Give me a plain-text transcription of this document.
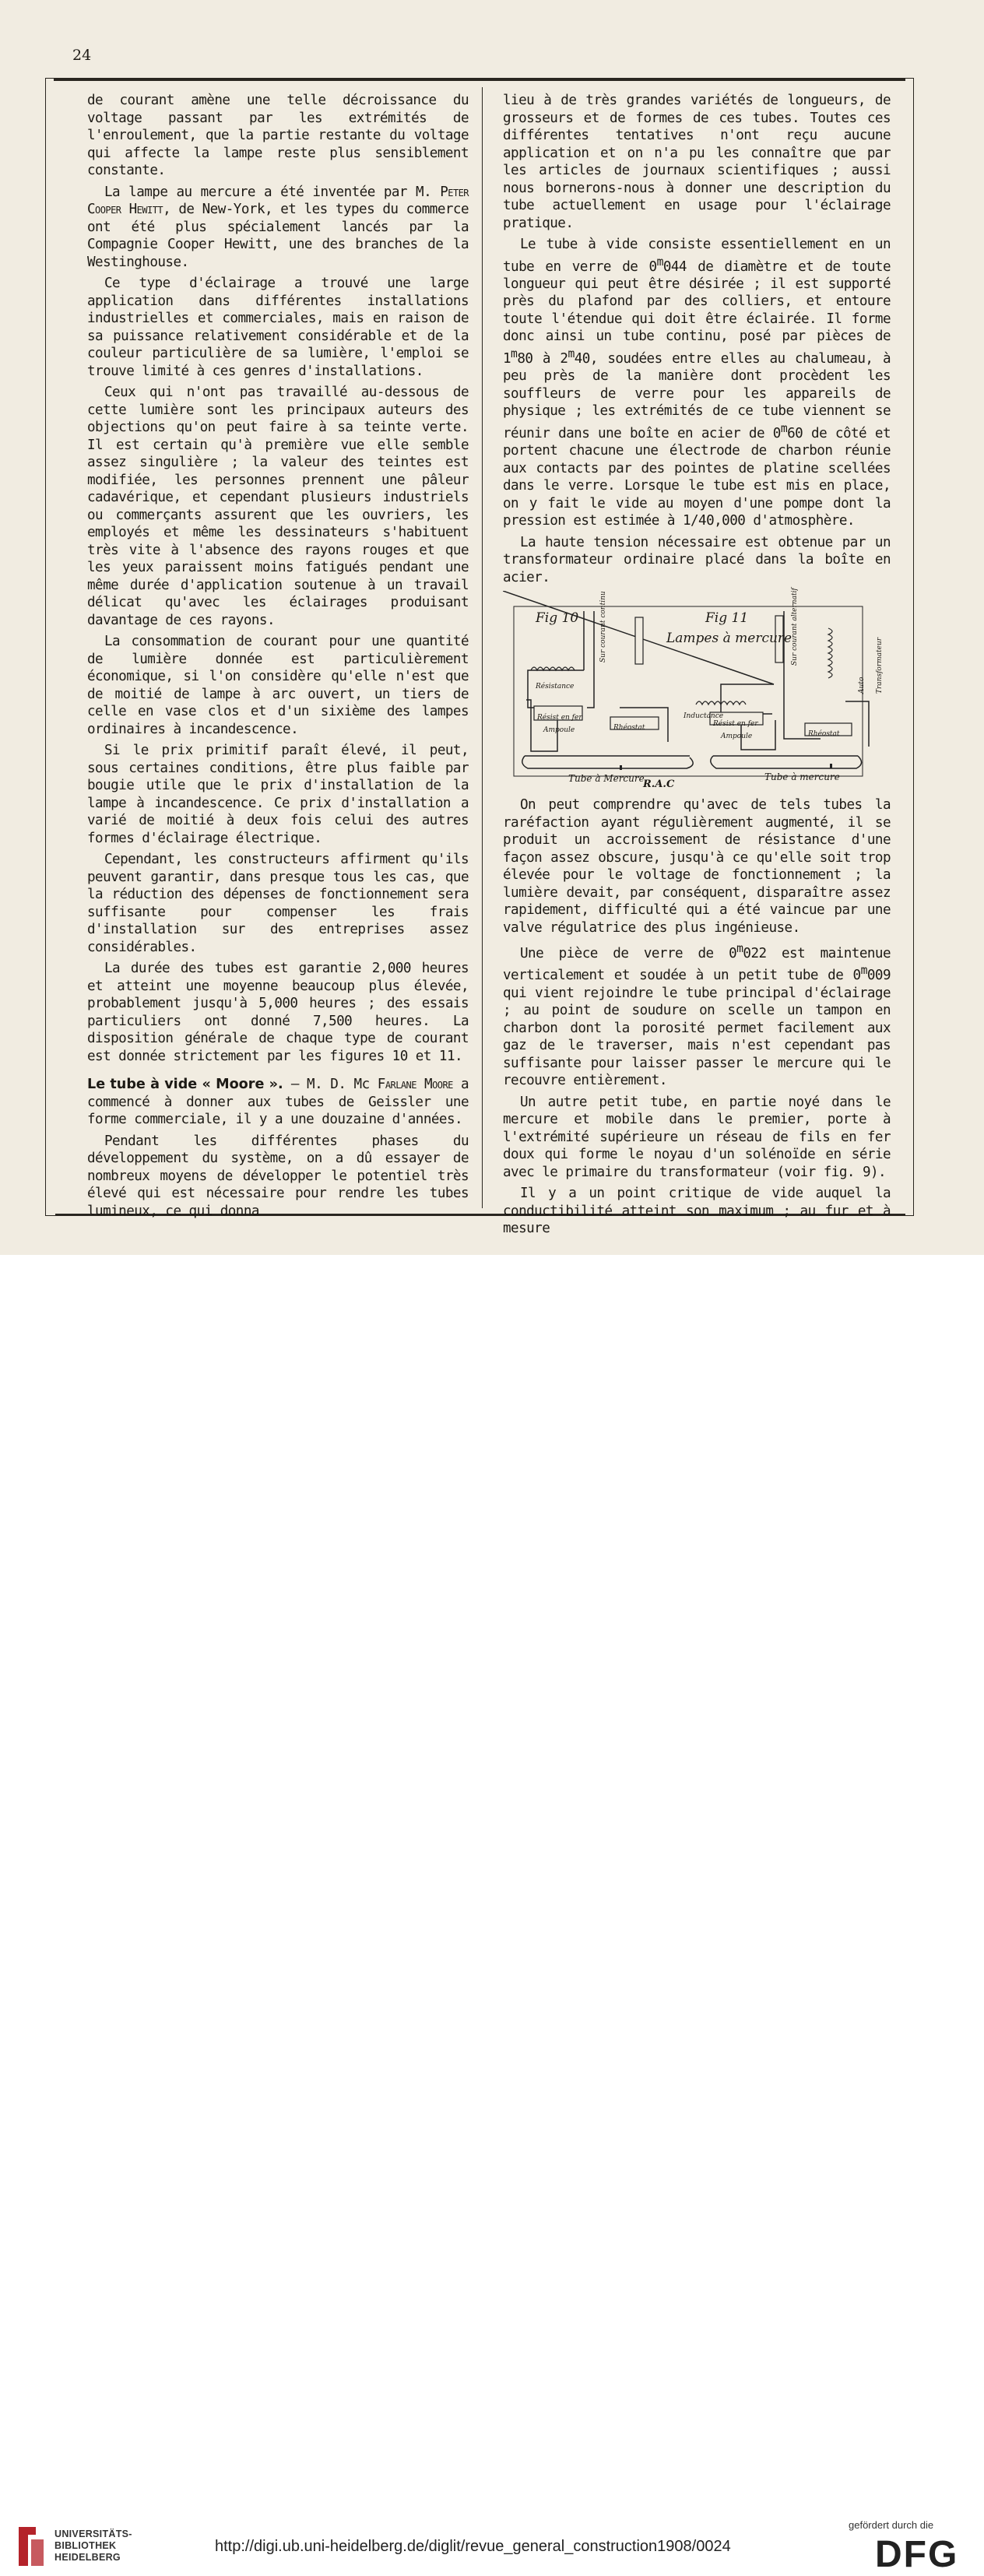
24

de courant amène une telle décroissance du voltage passant par les extrémités de l'enroulement, que la partie restante du voltage qui affecte la lampe reste plus sensiblement constante.

La lampe au mercure a été inventée par M. Peter Cooper Hewitt, de New-York, et les types du commerce ont été plus spécialement lancés par la Compagnie Cooper Hewitt, une des branches de la Westinghouse.

Ce type d'éclairage a trouvé une large application dans différentes installations industrielles et commerciales, mais en raison de sa puissance relativement considérable et de la couleur particulière de sa lumière, l'emploi se trouve limité à ces genres d'installations.

Ceux qui n'ont pas travaillé au-dessous de cette lumière sont les principaux auteurs des objections qu'on peut faire à sa teinte verte. Il est certain qu'à première vue elle semble assez singulière ; la valeur des teintes est modifiée, les personnes prennent une pâleur cadavérique, et cependant plusieurs industriels ou commerçants assurent que les ouvriers, les employés et même les dessinateurs s'habituent très vite à l'absence des rayons rouges et que les yeux paraissent moins fatigués pendant une même durée d'application soutenue à un travail délicat qu'avec les éclairages produisant davantage de ces rayons.

La consommation de courant pour une quantité de lumière donnée est particulièrement économique, si l'on considère qu'elle n'est que de moitié de lampe à arc ouvert, un tiers de celle en vase clos et d'un sixième des lampes ordinaires à incandescence.

Si le prix primitif paraît élevé, il peut, sous certaines conditions, être plus faible par bougie utile que le prix d'installation de la lampe à incandescence. Ce prix d'installation a varié de moitié à deux fois celui des autres formes d'éclairage électrique.

Cependant, les constructeurs affirment qu'ils peuvent garantir, dans presque tous les cas, que la réduction des dépenses de fonctionnement sera suffisante pour compenser les frais d'installation sur des entreprises assez considérables.

La durée des tubes est garantie 2,000 heures et atteint une moyenne beaucoup plus élevée, probablement jusqu'à 5,000 heures ; des essais particuliers ont donné 7,500 heures. La disposition générale de chaque type de courant est donnée strictement par les figures 10 et 11.

Le tube à vide « Moore ». — M. D. Mc Farlane Moore a commencé à donner aux tubes de Geissler une forme commerciale, il y a une douzaine d'années.

Pendant les différentes phases du développement du système, on a dû essayer de nombreux moyens de développer le potentiel très élevé qui est nécessaire pour rendre les tubes lumineux, ce qui donna

lieu à de très grandes variétés de longueurs, de grosseurs et de formes de ces tubes. Toutes ces différentes tentatives n'ont reçu aucune application et on n'a pu les connaître que par les articles de journaux scientifiques ; aussi nous bornerons-nous à donner une description du tube actuellement en usage pour l'éclairage pratique.

Le tube à vide consiste essentiellement en un tube en verre de 0$^m$044 de diamètre et de toute longueur qui peut être désirée ; il est supporté près du plafond par des colliers, et entoure toute l'étendue qui doit être éclairée. Il forme donc ainsi un tube continu, posé par pièces de 1$^m$80 à 2$^m$40, soudées entre elles au chalumeau, à peu près de la manière dont procèdent les souffleurs de verre pour les appareils de physique ; les extrémités de ce tube viennent se réunir dans une boîte en acier de 0$^m$60 de côté et portent chacune une électrode de charbon réunie aux contacts par des pointes de platine scellées dans le verre. Lorsque le tube est mis en place, on y fait le vide au moyen d'une pompe dont la pression est estimée à 1/40,000 d'atmosphère.

La haute tension nécessaire est obtenue par un transformateur ordinaire placé dans la boîte en acier.

Fig 10	Fig 11
Lampes à mercure
Sur courant continu
Résistance
Résist en fer
Ampoule	Rhéostat
Inductance
Résist en fer
Ampoule	Rhéostat
Sur courant alternatif
Auto Transformateur
Tube à Mercure	Tube à mercure
R.A.C

On peut comprendre qu'avec de tels tubes la raréfaction ayant régulièrement augmenté, il se produit un accroissement de résistance d'une façon assez obscure, jusqu'à ce qu'elle soit trop élevée pour le voltage de fonctionnement ; la lumière devait, par conséquent, disparaître assez rapidement, difficulté qui a été vaincue par une valve régulatrice des plus ingénieuse.

Une pièce de verre de 0$^m$022 est maintenue verticalement et soudée à un petit tube de 0$^m$009 qui vient rejoindre le tube principal d'éclairage ; au point de soudure on scelle un tampon en charbon dont la porosité permet facilement aux gaz de le traverser, mais n'est cependant pas suffisante pour laisser passer le mercure qui le recouvre entièrement.

Un autre petit tube, en partie noyé dans le mercure et mobile dans le premier, porte à l'extrémité supérieure un réseau de fils en fer doux qui forme le noyau d'un solénoïde en série avec le primaire du transformateur (voir fig. 9).

Il y a un point critique de vide auquel la conductibilité atteint son maximum ; au fur et à mesure

UNIVERSITÄTS-
BIBLIOTHEK
HEIDELBERG
http://digi.ub.uni-heidelberg.de/diglit/revue_general_construction1908/0024
gefördert durch die
DFG
